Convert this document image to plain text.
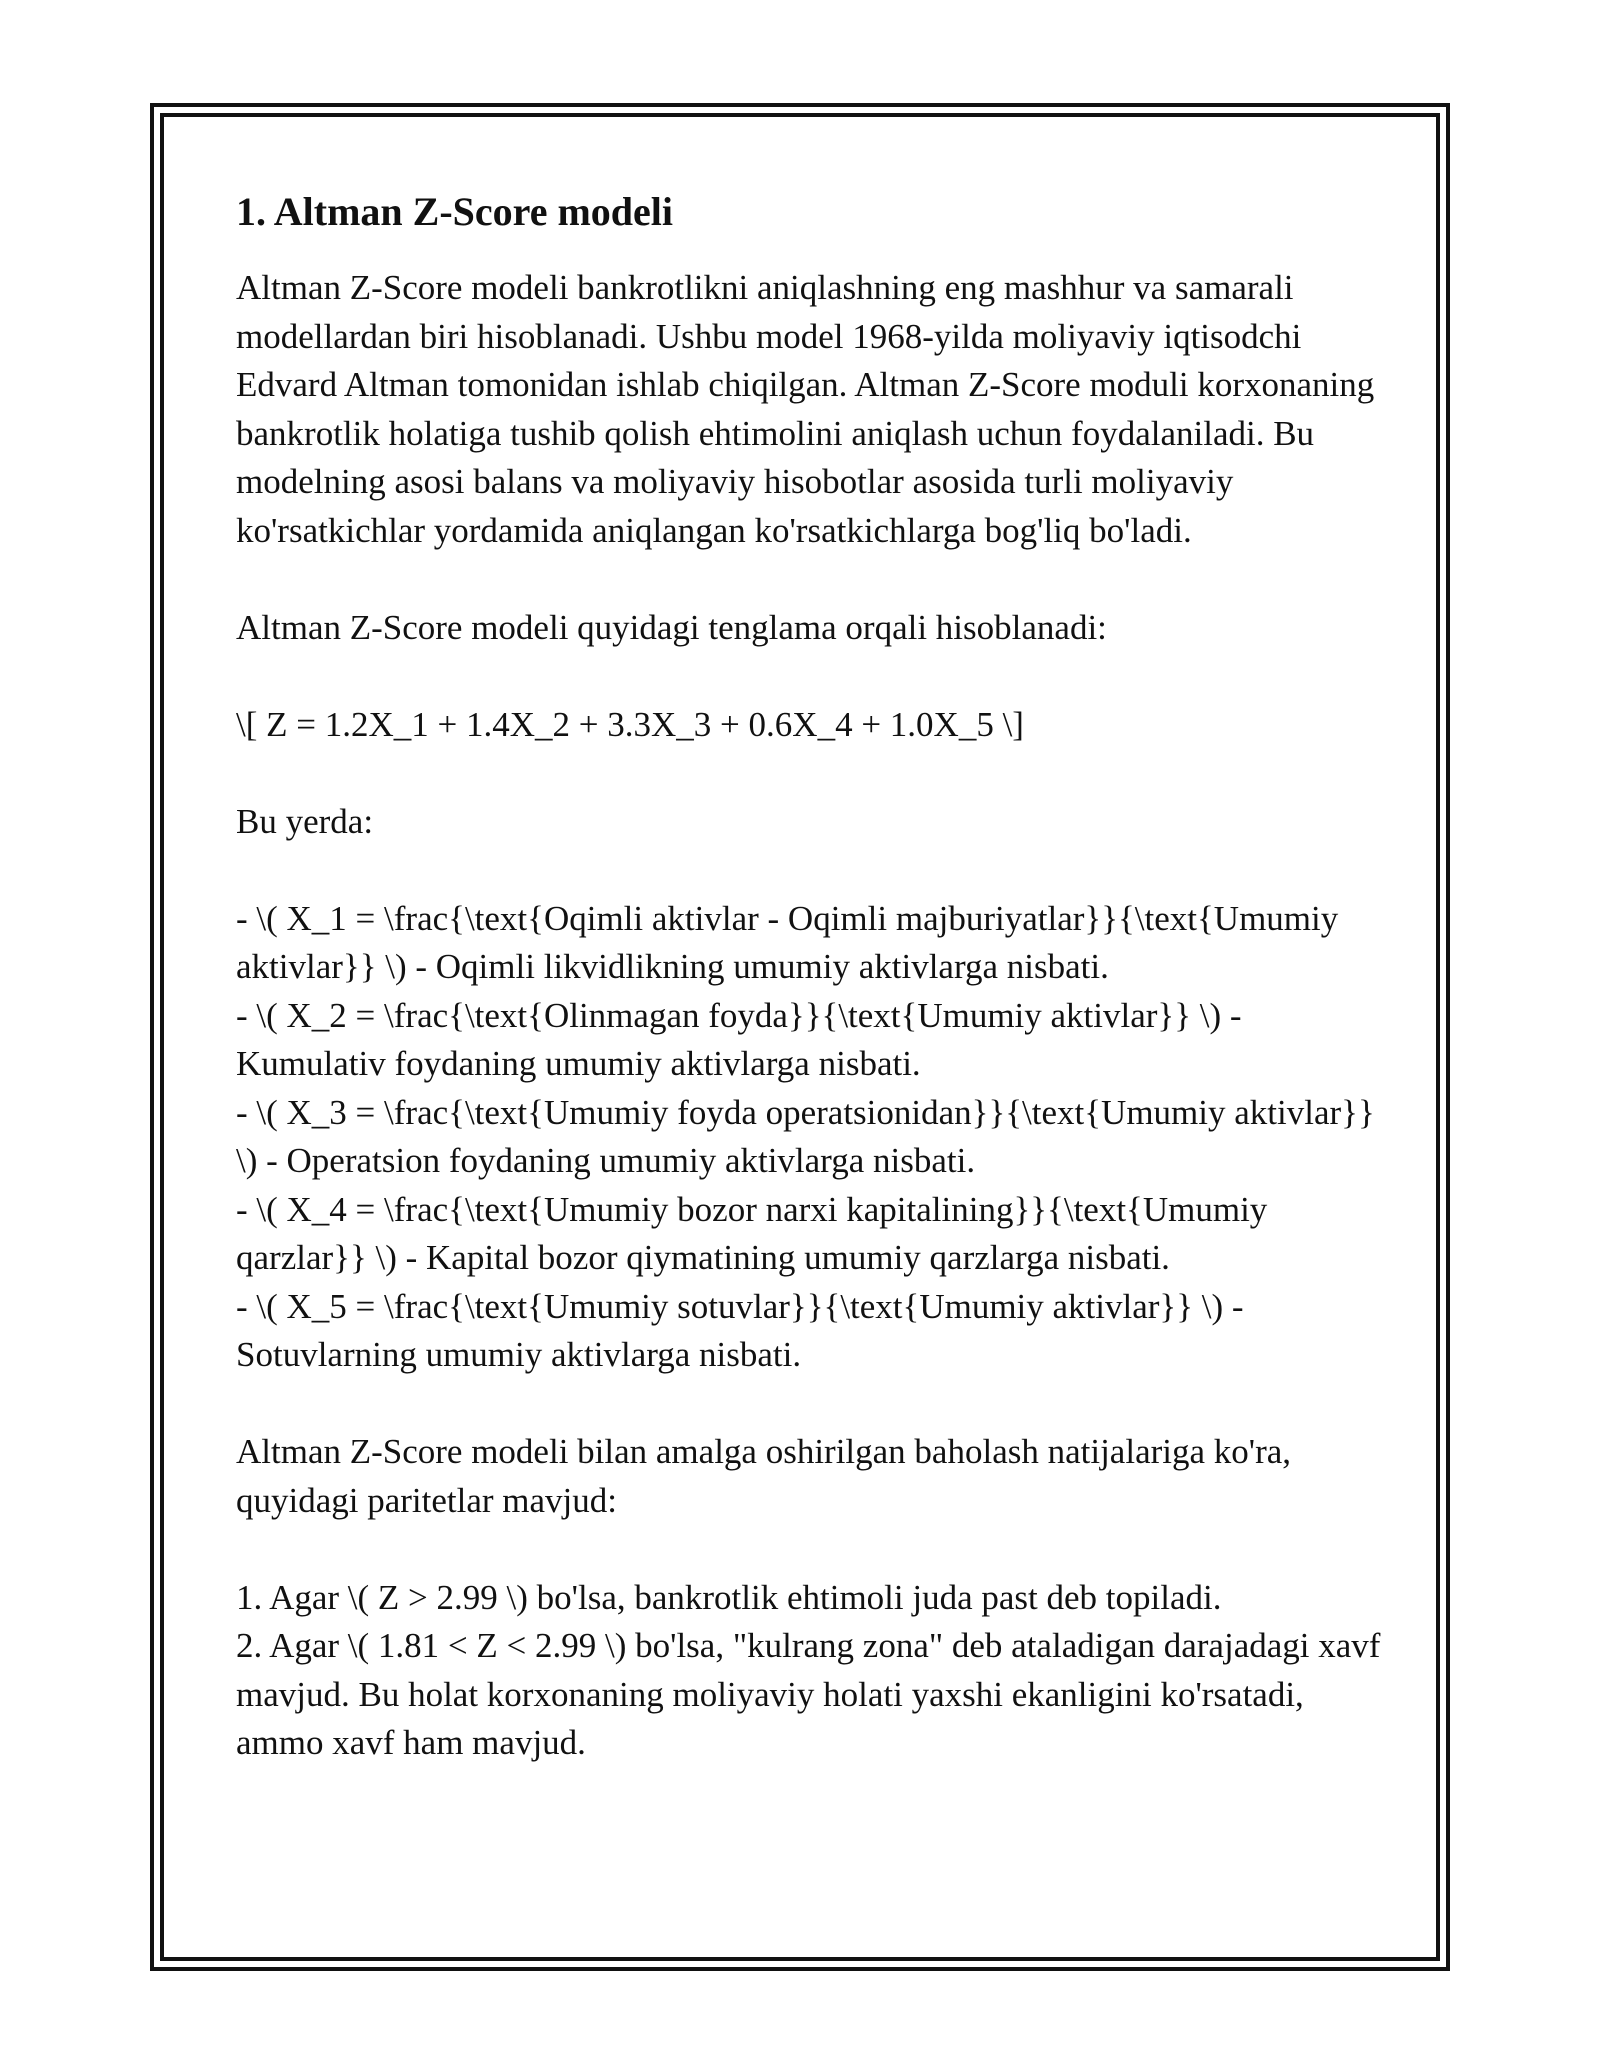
1. Altman Z-Score modeli

Altman Z-Score modeli bankrotlikni aniqlashning eng mashhur va samarali modellardan biri hisoblanadi. Ushbu model 1968-yilda moliyaviy iqtisodchi Edvard Altman tomonidan ishlab chiqilgan. Altman Z-Score moduli korxonaning bankrotlik holatiga tushib qolish ehtimolini aniqlash uchun foydalaniladi. Bu modelning asosi balans va moliyaviy hisobotlar asosida turli moliyaviy ko'rsatkichlar yordamida aniqlangan ko'rsatkichlarga bog'liq bo'ladi.

Altman Z-Score modeli quyidagi tenglama orqali hisoblanadi:

\[ Z = 1.2X_1 + 1.4X_2 + 3.3X_3 + 0.6X_4 + 1.0X_5 \]

Bu yerda:

- \( X_1 = \frac{\text{Oqimli aktivlar - Oqimli majburiyatlar}}{\text{Umumiy aktivlar}} \) - Oqimli likvidlikning umumiy aktivlarga nisbati.
- \( X_2 = \frac{\text{Olinmagan foyda}}{\text{Umumiy aktivlar}} \) - Kumulativ foydaning umumiy aktivlarga nisbati.
- \( X_3 = \frac{\text{Umumiy foyda operatsionidan}}{\text{Umumiy aktivlar}} \) - Operatsion foydaning umumiy aktivlarga nisbati.
- \( X_4 = \frac{\text{Umumiy bozor narxi kapitalining}}{\text{Umumiy qarzlar}} \) - Kapital bozor qiymatining umumiy qarzlarga nisbati.
- \( X_5 = \frac{\text{Umumiy sotuvlar}}{\text{Umumiy aktivlar}} \) - Sotuvlarning umumiy aktivlarga nisbati.

Altman Z-Score modeli bilan amalga oshirilgan baholash natijalariga ko'ra, quyidagi paritetlar mavjud:

1. Agar \( Z > 2.99 \) bo'lsa, bankrotlik ehtimoli juda past deb topiladi.
2. Agar \( 1.81 < Z < 2.99 \) bo'lsa, "kulrang zona" deb ataladigan darajadagi xavf mavjud. Bu holat korxonaning moliyaviy holati yaxshi ekanligini ko'rsatadi, ammo xavf ham mavjud.
